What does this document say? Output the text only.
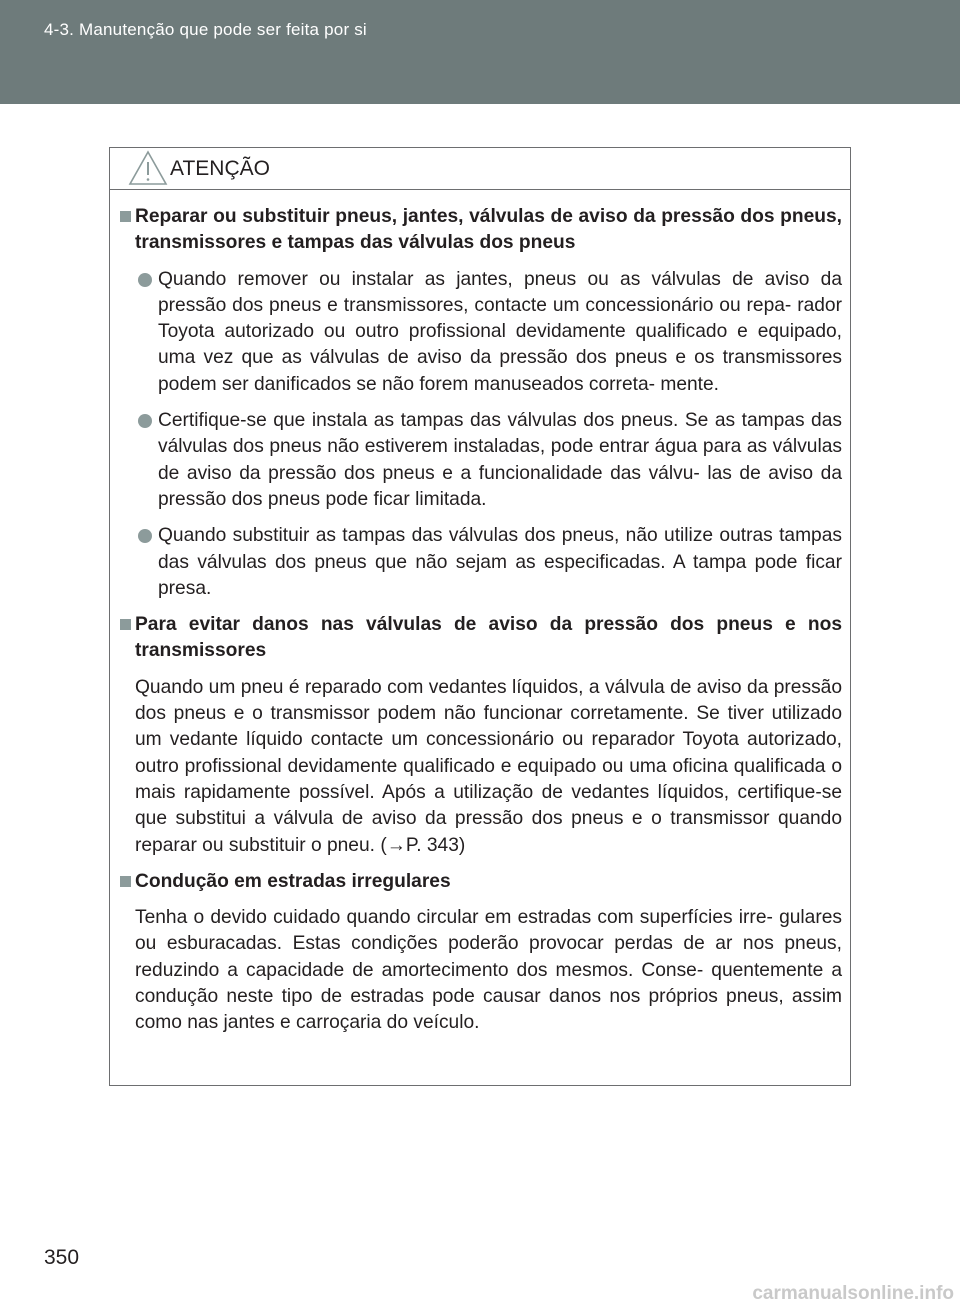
4-3. Manutenção que pode ser feita por si
ATENÇÃO

Reparar ou substituir pneus, jantes, válvulas de aviso da pressão dos pneus, transmissores e tampas das válvulas dos pneus

Quando remover ou instalar as jantes, pneus ou as válvulas de aviso da pressão dos pneus e transmissores, contacte um concessionário ou repa- rador Toyota autorizado ou outro profissional devidamente qualificado e equipado, uma vez que as válvulas de aviso da pressão dos pneus e os transmissores podem ser danificados se não forem manuseados correta- mente.
Certifique-se que instala as tampas das válvulas dos pneus. Se as tampas das válvulas dos pneus não estiverem instaladas, pode entrar água para as válvulas de aviso da pressão dos pneus e a funcionalidade das válvu- las de aviso da pressão dos pneus pode ficar limitada.
Quando substituir as tampas das válvulas dos pneus, não utilize outras tampas das válvulas dos pneus que não sejam as especificadas. A tampa pode ficar presa.

Para evitar danos nas válvulas de aviso da pressão dos pneus e nos transmissores

Quando um pneu é reparado com vedantes líquidos, a válvula de aviso da pressão dos pneus e o transmissor podem não funcionar corretamente. Se tiver utilizado um vedante líquido contacte um concessionário ou reparador Toyota autorizado, outro profissional devidamente qualificado e equipado ou uma oficina qualificada o mais rapidamente possível. Após a utilização de vedantes líquidos, certifique-se que substitui a válvula de aviso da pressão dos pneus e o transmissor quando reparar ou substituir o pneu. (→P. 343)

Condução em estradas irregulares

Tenha o devido cuidado quando circular em estradas com superfícies irre- gulares ou esburacadas. Estas condições poderão provocar perdas de ar nos pneus, reduzindo a capacidade de amortecimento dos mesmos. Conse- quentemente a condução neste tipo de estradas pode causar danos nos próprios pneus, assim como nas jantes e carroçaria do veículo.

350
carmanualsonline.info
